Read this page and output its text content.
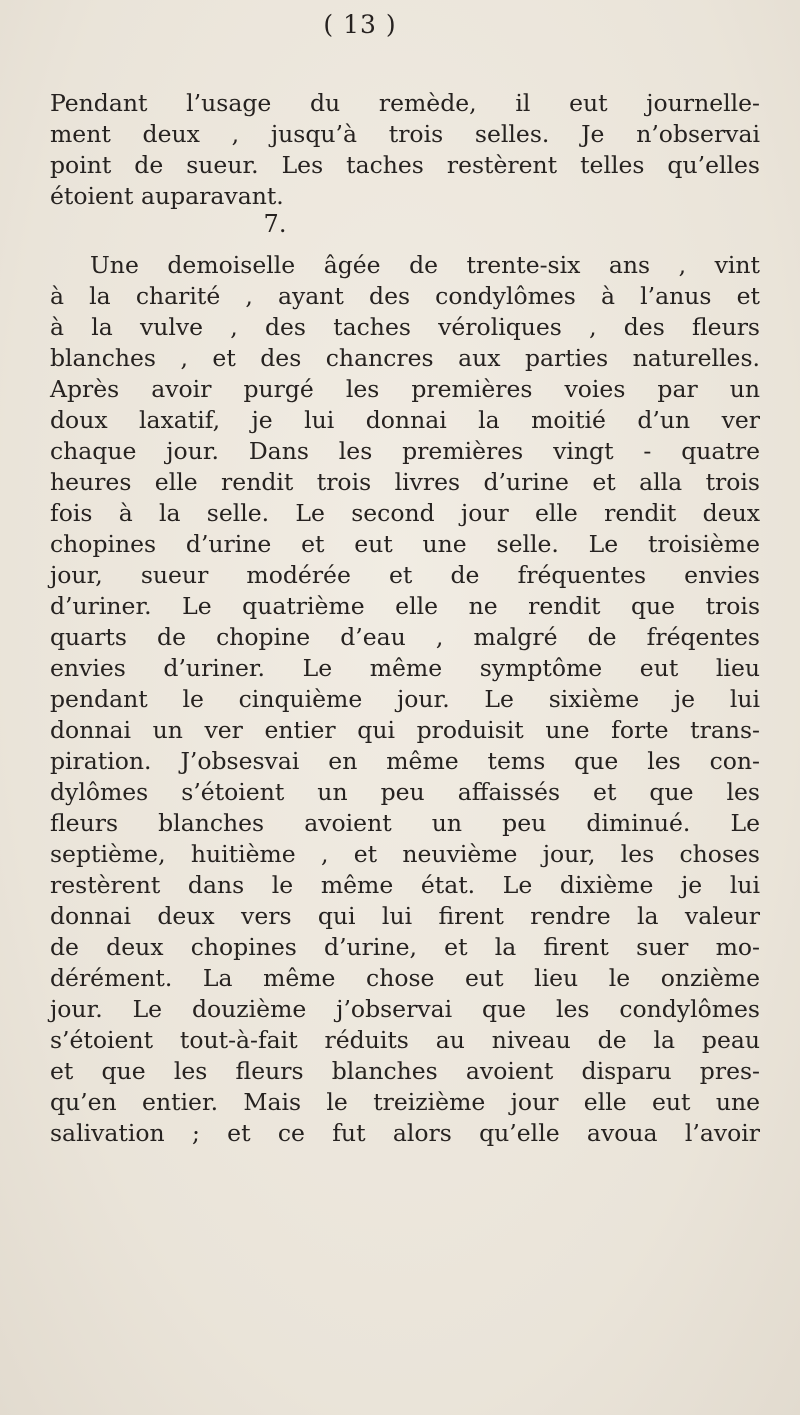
( 13 )
Pendant l’usage du remède, il eut journelle-
ment deux , jusqu’à trois selles. Je n’observai
point de sueur. Les taches restèrent telles qu’elles
étoient auparavant.
7.
Une demoiselle âgée de trente-six ans , vint
à la charité , ayant des condylômes à l’anus et
à la vulve , des taches véroliques , des fleurs
blanches , et des chancres aux parties naturelles.
Après avoir purgé les premières voies par un
doux laxatif, je lui donnai la moitié d’un ver
chaque jour. Dans les premières vingt - quatre
heures elle rendit trois livres d’urine et alla trois
fois à la selle. Le second jour elle rendit deux
chopines d’urine et eut une selle. Le troisième
jour, sueur modérée et de fréquentes envies
d’uriner. Le quatrième elle ne rendit que trois
quarts de chopine d’eau , malgré de fréqentes
envies d’uriner. Le même symptôme eut lieu
pendant le cinquième jour. Le sixième je lui
donnai un ver entier qui produisit une forte trans-
piration. J’obsesvai en même tems que les con-
dylômes s’étoient un peu affaissés et que les
fleurs blanches avoient un peu diminué. Le
septième, huitième , et neuvième jour, les choses
restèrent dans le même état. Le dixième je lui
donnai deux vers qui lui firent rendre la valeur
de deux chopines d’urine, et la firent suer mo-
dérément. La même chose eut lieu le onzième
jour. Le douzième j’observai que les condylômes
s’étoient tout-à-fait réduits au niveau de la peau
et que les fleurs blanches avoient disparu pres-
qu’en entier. Mais le treizième jour elle eut une
salivation ; et ce fut alors qu’elle avoua l’avoir
